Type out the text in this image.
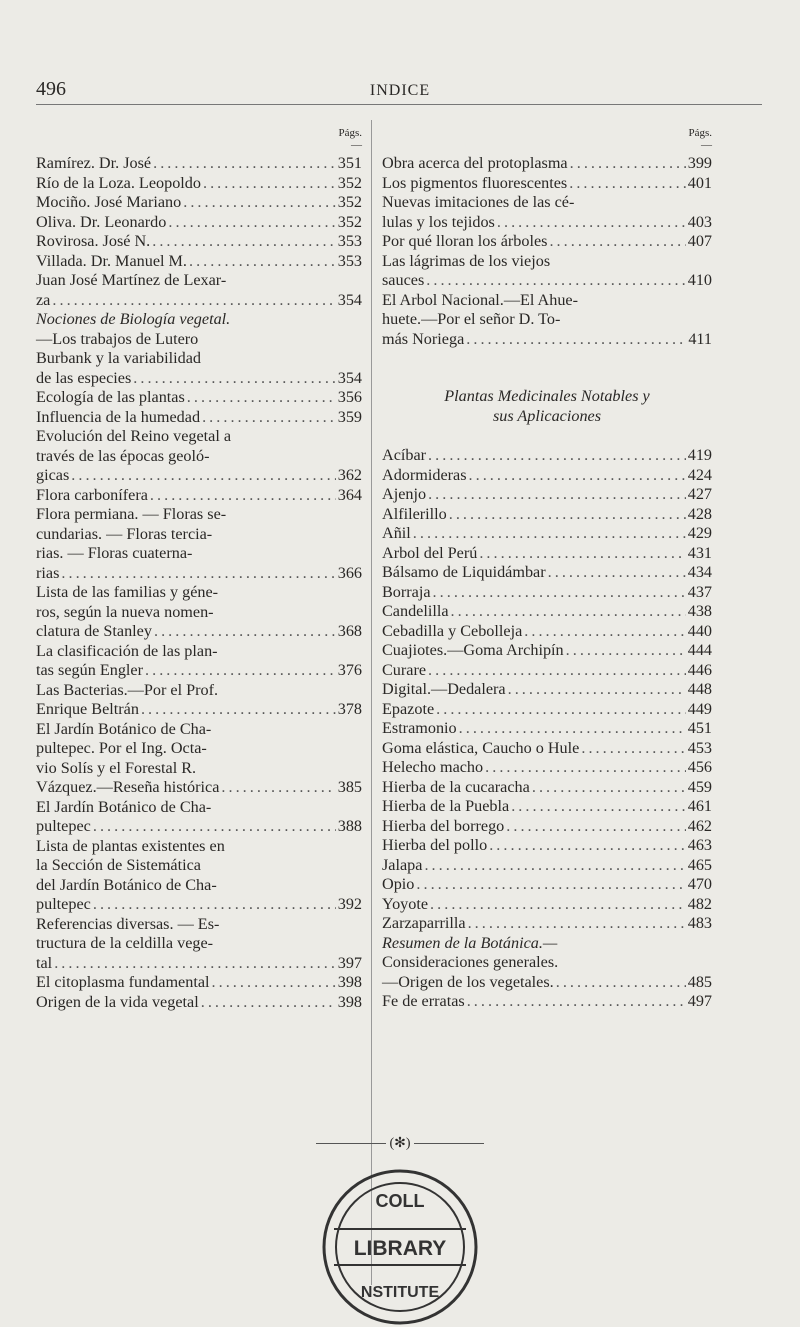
496	INDICE
Págs.
—
Ramírez. Dr. José . . .	351
Río de la Loza. Leopoldo . . .	352
Mociño. José Mariano . . .	352
Oliva. Dr. Leonardo . . .	352
Rovirosa. José N. . . .	353
Villada. Dr. Manuel M. . . .	353
Juan José Martínez de Lexar-
za . . .	354
Nociones de Biología vegetal.
—Los trabajos de Lutero
Burbank y la variabilidad
de las especies . . .	354
Ecología de las plantas . . .	356
Influencia de la humedad . . .	359
Evolución del Reino vegetal a
través de las épocas geoló-
gicas . . .	362
Flora carbonífera . . .	364
Flora permiana. — Floras se-
cundarias. — Floras tercia-
rias. — Floras cuaterna-
rias . . .	366
Lista de las familias y géne-
ros, según la nueva nomen-
clatura de Stanley . . .	368
La clasificación de las plan-
tas según Engler . . .	376
Las Bacterias.—Por el Prof.
Enrique Beltrán . . .	378
El Jardín Botánico de Cha-
pultepec. Por el Ing. Octa-
vio Solís y el Forestal R.
Vázquez.—Reseña histórica . . .	385
El Jardín Botánico de Cha-
pultepec . . .	388
Lista de plantas existentes en
la Sección de Sistemática
del Jardín Botánico de Cha-
pultepec . . .	392
Referencias diversas. — Es-
tructura de la celdilla vege-
tal . . .	397
El citoplasma fundamental . . .	398
Origen de la vida vegetal . . .	398
Págs.
—
Obra acerca del protoplasma . . .	399
Los pigmentos fluorescentes . . .	401
Nuevas imitaciones de las cé-
lulas y los tejidos . . .	403
Por qué lloran los árboles . . .	407
Las lágrimas de los viejos
sauces . . .	410
El Arbol Nacional.—El Ahue-
huete.—Por el señor D. To-
más Noriega . . .	411
Plantas Medicinales Notables y
sus Aplicaciones
Acíbar . . .	419
Adormideras . . .	424
Ajenjo . . .	427
Alfilerillo . . .	428
Añil . . .	429
Arbol del Perú . . .	431
Bálsamo de Liquidámbar . . .	434
Borraja . . .	437
Candelilla . . .	438
Cebadilla y Cebolleja . . .	440
Cuajiotes.—Goma Archipín . . .	444
Curare . . .	446
Digital.—Dedalera . . .	448
Epazote . . .	449
Estramonio . . .	451
Goma elástica, Caucho o Hule . . .	453
Helecho macho . . .	456
Hierba de la cucaracha . . .	459
Hierba de la Puebla . . .	461
Hierba del borrego . . .	462
Hierba del pollo . . .	463
Jalapa . . .	465
Opio . . .	470
Yoyote . . .	482
Zarzaparrilla . . .	483
Resumen de la Botánica.—
Consideraciones generales.
—Origen de los vegetales. . . .	485
Fe de erratas . . .	497
(✻)
COLL
LIBRARY
NSTITUTE
